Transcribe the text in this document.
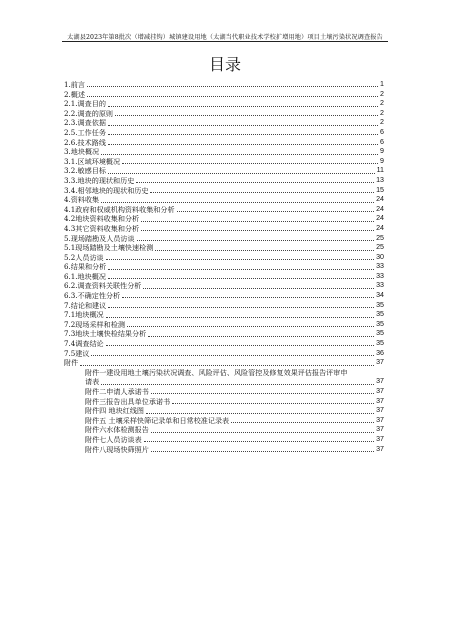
太湖县2023年第8批次（增减挂钩）城镇建设用地（太湖当代职业技术学校扩增用地）项目土壤污染状况调查报告
目录
1.前言	1
2.概述	2
2.1.调查目的	2
2.2.调查的原则	2
2.3.调查依据	2
2.5.工作任务	6
2.6.技术路线	6
3.地块概况	9
3.1.区域环境概况	9
3.2.敏感目标	11
3.3.地块的现状和历史	13
3.4.相邻地块的现状和历史	15
4.资料收集	24
4.1政府和权威机构资料收集和分析	24
4.2地块资料收集和分析	24
4.3其它资料收集和分析	24
5.现场踏勘及人员访谈	25
5.1现场踏勘及土壤快速检测	25
5.2人员访谈	30
6.结果和分析	33
6.1.地块概况	33
6.2.调查资料关联性分析	33
6.3.不确定性分析	34
7.结论和建议	35
7.1地块概况	35
7.2现场采样和检测	35
7.3地块土壤快检结果分析	35
7.4调查结论	35
7.5建议	36
附件	37
附件一建设用地土壤污染状况调查、风险评估、风险管控及修复效果评估报告评审申
请表	37
附件二申请人承诺书	37
附件三报告出具单位承诺书	37
附件四 地块红线图	37
附件五 土壤采样快筛记录单和日常校准记录表	37
附件六水体检测报告	37
附件七人员访谈表	37
附件八现场快筛照片	37
